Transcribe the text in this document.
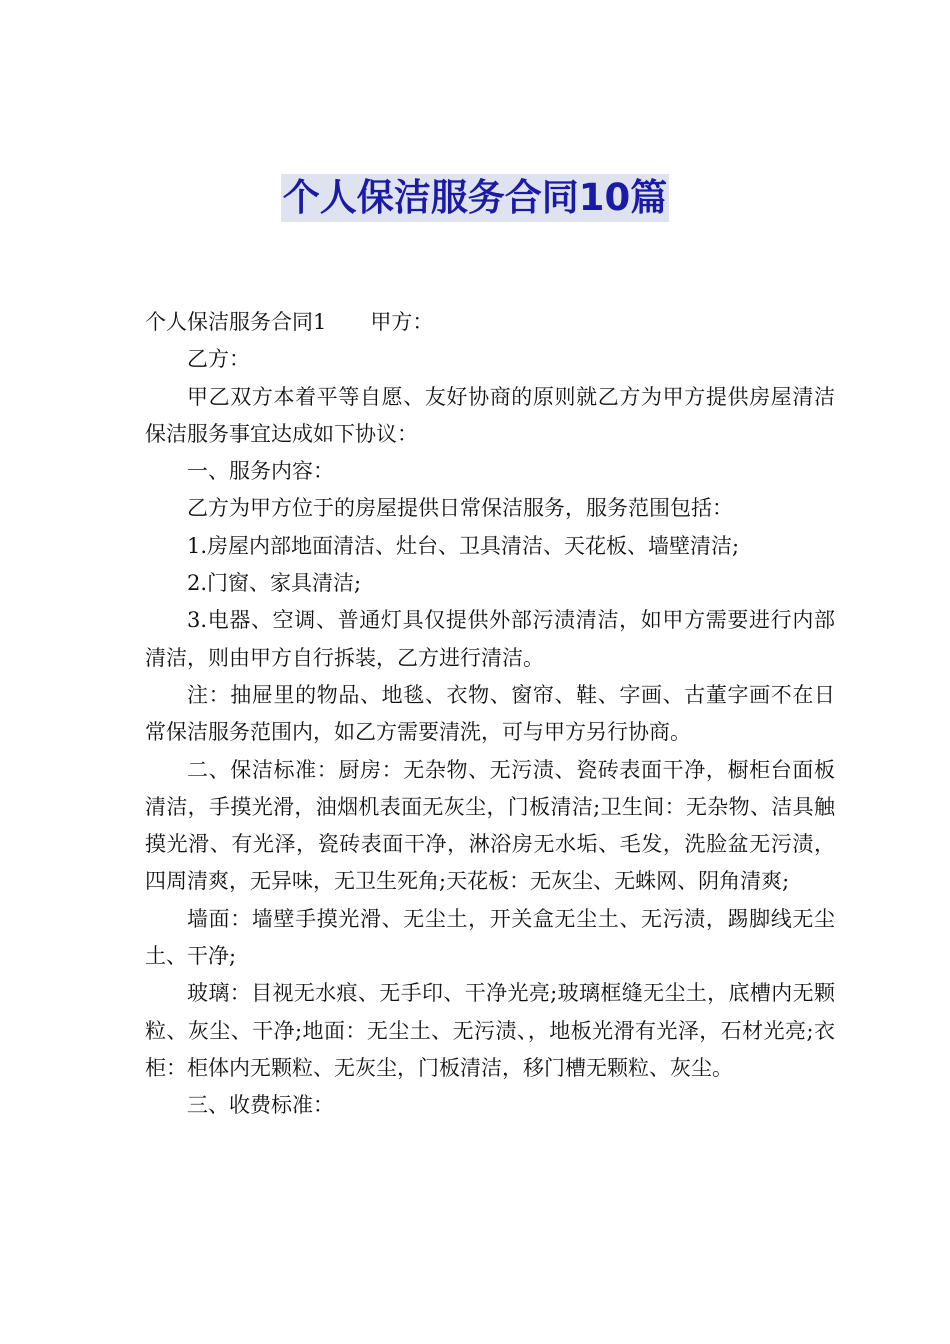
个人保洁服务合同10篇

个人保洁服务合同1 甲方：

乙方：

甲乙双方本着平等自愿、友好协商的原则就乙方为甲方提供房屋清洁保洁服务事宜达成如下协议：

一、服务内容：

乙方为甲方位于的房屋提供日常保洁服务，服务范围包括：

1.房屋内部地面清洁、灶台、卫具清洁、天花板、墙壁清洁;

2.门窗、家具清洁;

3.电器、空调、普通灯具仅提供外部污渍清洁，如甲方需要进行内部清洁，则由甲方自行拆装，乙方进行清洁。

注：抽屉里的物品、地毯、衣物、窗帘、鞋、字画、古董字画不在日常保洁服务范围内，如乙方需要清洗，可与甲方另行协商。

二、保洁标准：厨房：无杂物、无污渍、瓷砖表面干净，橱柜台面板清洁，手摸光滑，油烟机表面无灰尘，门板清洁;卫生间：无杂物、洁具触摸光滑、有光泽，瓷砖表面干净，淋浴房无水垢、毛发，洗脸盆无污渍，四周清爽，无异味，无卫生死角;天花板：无灰尘、无蛛网、阴角清爽;

墙面：墙壁手摸光滑、无尘土，开关盒无尘土、无污渍，踢脚线无尘土、干净;

玻璃：目视无水痕、无手印、干净光亮;玻璃框缝无尘土，底槽内无颗粒、灰尘、干净;地面：无尘土、无污渍、，地板光滑有光泽，石材光亮;衣柜：柜体内无颗粒、无灰尘，门板清洁，移门槽无颗粒、灰尘。

三、收费标准：
